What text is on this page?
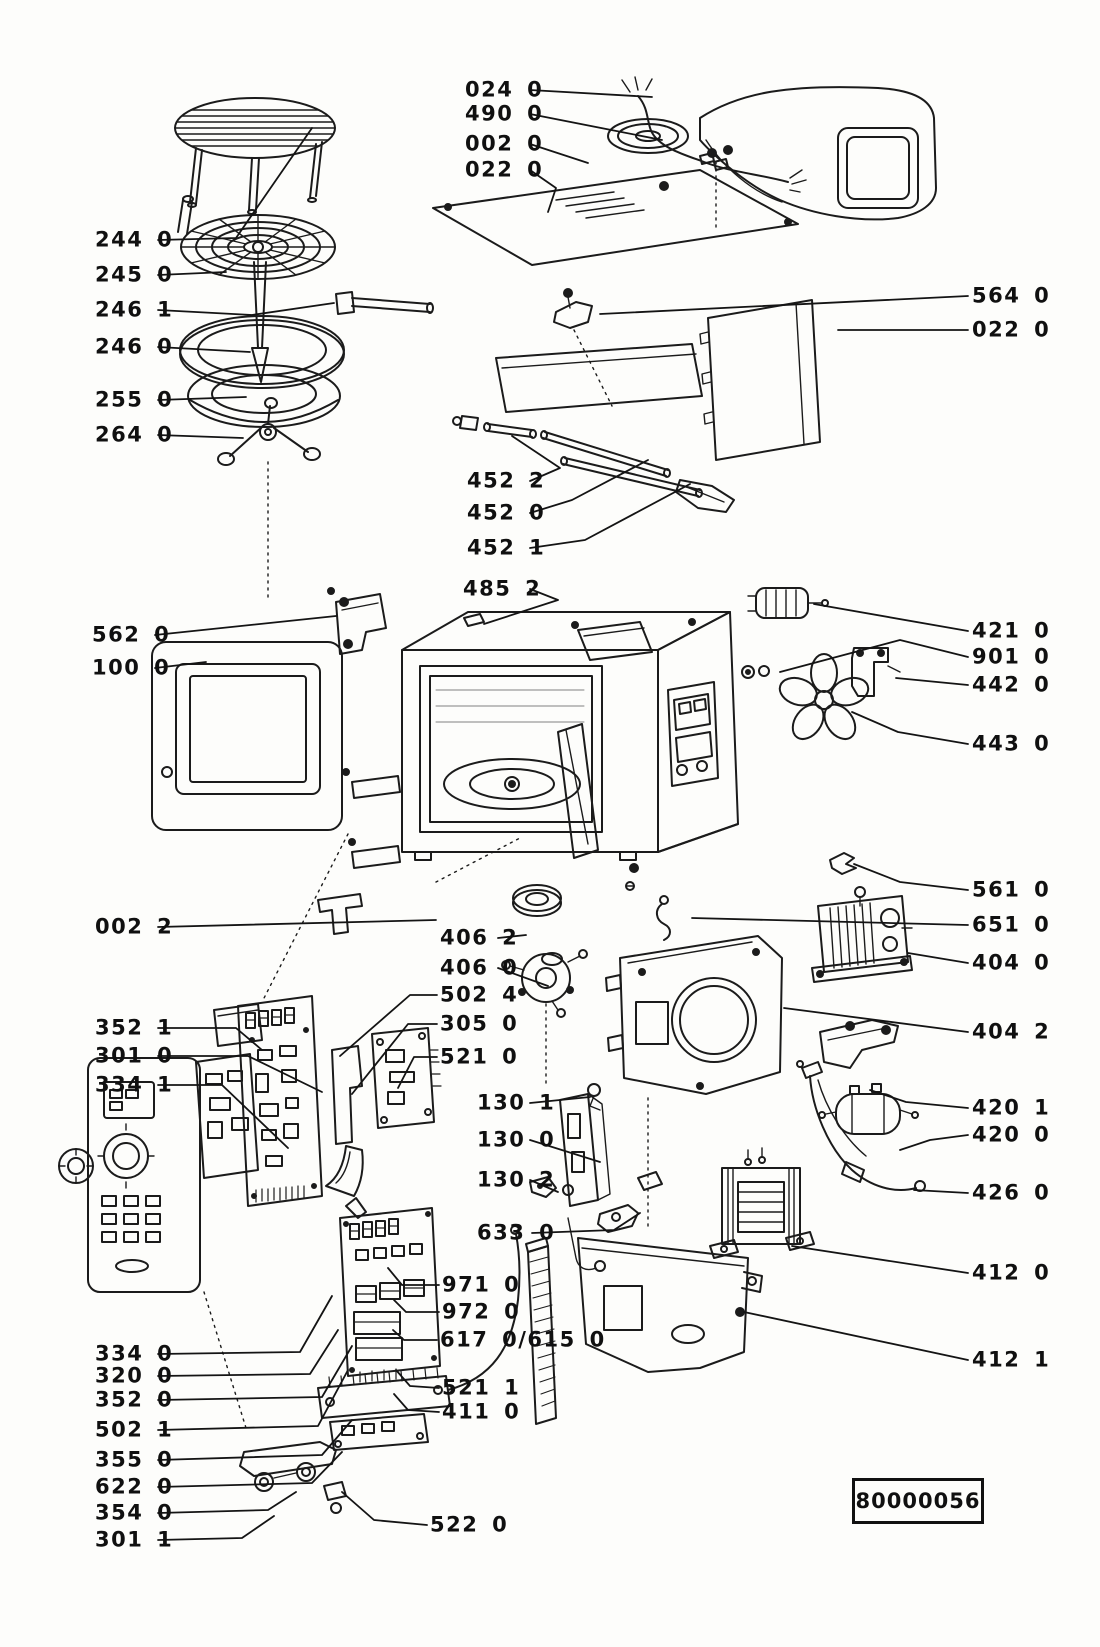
80000056
024 0
490 0
002 0
022 0
244 0
245 0
246 1
246 0
255 0
264 0
564 0
022 0
452 2
452 0
452 1
485 2
562 0
100 0
421 0
901 0
442 0
443 0
561 0
651 0
404 0
002 2	406 2
406 0
502 4
305 0
521 0
352 1
301 0
334 1
404 2
130 1
130 0
130 2
420 1
420 0
426 0
633 0
971 0
972 0
617 0/615 0
412 0
521 1
411 0
334 0
320 0
352 0
502 1
355 0
622 0
354 0
301 1
522 0
412 1
